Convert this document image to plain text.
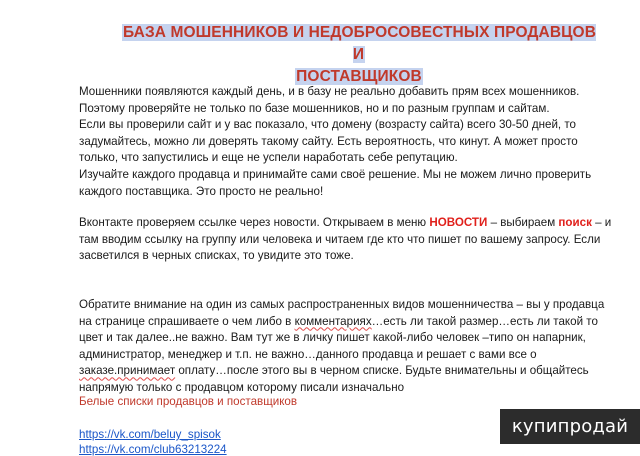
БАЗА МОШЕННИКОВ И НЕДОБРОСОВЕСТНЫХ ПРОДАВЦОВ И
ПОСТАВЩИКОВ
Мошенники появляются каждый день, и в базу не реально добавить прям всех мошенников.
Поэтому проверяйте не только по базе мошенников, но и по разным группам и сайтам.
Если вы проверили сайт и у вас показало, что домену (возрасту сайта) всего 30-50 дней, то
задумайтесь, можно ли доверять такому сайту. Есть вероятность, что кинут. А может просто
только, что запустились и еще не успели наработать себе репутацию.
Изучайте каждого продавца и принимайте сами своё решение. Мы не можем лично проверить
каждого поставщика. Это просто не реально!
Вконтакте проверяем ссылке через новости. Открываем в меню НОВОСТИ – выбираем поиск – и
там вводим ссылку на группу или человека и читаем где кто что пишет по вашему запросу. Если
засветился в черных списках, то увидите это тоже.
Обратите внимание на один из самых распространенных видов мошенничества – вы у продавца
на странице спрашиваете о чем либо в комментариях…есть ли такой размер…есть ли такой то
цвет и так далее..не важно. Вам тут же в личку пишет какой-либо человек –типо он напарник,
администратор, менеджер и т.п. не важно…данного продавца и решает с вами все о
заказе.принимает оплату…после этого вы в черном списке. Будьте внимательны и общайтесь
напрямую только с продавцом которому писали изначально
Белые списки продавцов и поставщиков
https://vk.com/beluy_spisok
https://vk.com/club63213224
купипродай
